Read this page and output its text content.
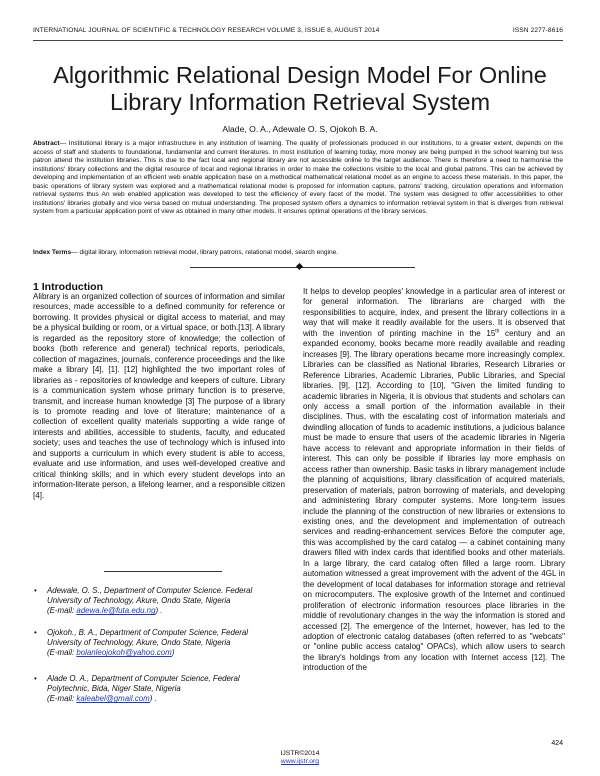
INTERNATIONAL JOURNAL OF SCIENTIFIC & TECHNOLOGY RESEARCH VOLUME 3, ISSUE 8, AUGUST 2014	ISSN 2277-8616
Algorithmic Relational Design Model For Online Library Information Retrieval System
Alade, O. A., Adewale O. S, Ojokoh B. A.
Abstract— Institutional library is a major infrastructure in any institution of learning. The quality of professionals produced in our institutions, to a greater extent, depends on the access of staff and students to foundational, fundamental and current literatures. In most institution of learning today, more money are being pumped in the school learning but less patron attend the institution libraries. This is due to the fact local and regional library are not accessible online to the target audience. There is therefore a need to harmonise the institutions' library collections and the digital resource of local and regional libraries in order to make the collections visible to the local and global patrons. This can be achieved by developing and implementation of an efficient web enable application base on a methodical mathematical relational model as an engine to access these materials. In this paper, the basic operations of library system was explored and a mathematical relational model is proposed for information capture, patrons' tracking, circulation operations and information retrieval systems thus An web enabled application was developed to test the efficiency of every facet of the model. The system was designed to offer accessibilities to other institutions' libraries globally and vice versa based on mutual understanding. The proposed system offers a dynamics to information retrieval system in that is diverges from retrieval system from a particular application point of view as obtained in many other models. It ensures optimal operations of the library services.
Index Terms— digital library, information retrieval model, library patrons, relational model, search engine.
1 Introduction
Alibrary is an organized collection of sources of information and similar resources, made accessible to a defined community for reference or borrowing. It provides physical or digital access to material, and may be a physical building or room, or a virtual space, or both.[13]. A library is regarded as the repository store of knowledge; the collection of books (both reference and general) technical reports, periodicals, collection of magazines, journals, conference proceedings and the like make a library [4], [1]. [12] highlighted the two important roles of libraries as - repositories of knowledge and keepers of culture. Library is a communication system whose primary function is to preserve, transmit, and increase human knowledge [3] The purpose of a library is to promote reading and love of literature; maintenance of a collection of excellent quality materials supporting a wide range of interests and abilities, accessible to students, faculty, and educated society; uses and teaches the use of technology which is infused into and supports a curriculum in which every student is able to access, evaluate and use information, and uses well-developed creative and critical thinking skills; and in which every student develops into an information-literate person, a lifelong learner, and a responsible citizen [4].
It helps to develop peoples' knowledge in a particular area of interest or for general information. The librarians are charged with the responsibilities to acquire, index, and present the library collections in a way that will make it readily available for the users. It is observed that with the invention of printing machine in the 15th century and an expanded economy, books became more readily available and reading increases [9]. The library operations became more increasingly complex. Libraries can be classified as National libraries, Research Libraries or Reference Libraries, Academic Libraries, Public Libraries, and Special libraries. [9], [12]. According to [10], "Given the limited funding to academic libraries in Nigeria, it is obvious that students and scholars can only access a small portion of the information available in their disciplines. Thus, with the escalating cost of information materials and dwindling allocation of funds to academic institutions, a judicious balance must be made to ensure that users of the academic libraries in Nigeria have access to relevant and appropriate information in their fields of interest. This can only be possible if libraries lay more emphasis on access rather than ownership. Basic tasks in library management include the planning of acquisitions, library classification of acquired materials, preservation of materials, patron borrowing of materials, and developing and administering library computer systems. More long-term issues include the planning of the construction of new libraries or extensions to existing ones, and the development and implementation of outreach services and reading-enhancement services Before the computer age, this was accomplished by the card catalog — a cabinet containing many drawers filled with index cards that identified books and other materials. In a large library, the card catalog often filled a large room. Library automation witnessed a great improvement with the advent of the 4GL in the development of local databases for information storage and retrieval on microcomputers. The explosive growth of the Internet and continued proliferation of electronic information resources place libraries in the middle of revolutionary changes in the way the information is stored and accessed [2]. The emergence of the Internet, however, has led to the adoption of electronic catalog databases (often referred to as "webcats" or "online public access catalog" OPACs), which allow users to search the library's holdings from any location with Internet access [12]. The introduction of the
• Adewale, O. S., Department of Computer Science. Federal University of Technology, Akure, Ondo State, Nigeria
(E-mail: adewa.le@futa.edu.ng) .
• Ojokoh., B. A., Department of Computer Science, Federal University of Technology, Akure, Ondo State, Nigeria
(E-mail: bolanleojokoh@yahoo.com)
• Alade O. A., Department of Computer Science, Federal Polytechnic, Bida, Niger State, Nigeria
(E-mail: kaleabel@gmail.com) .
424
IJSTR©2014
www.ijstr.org
